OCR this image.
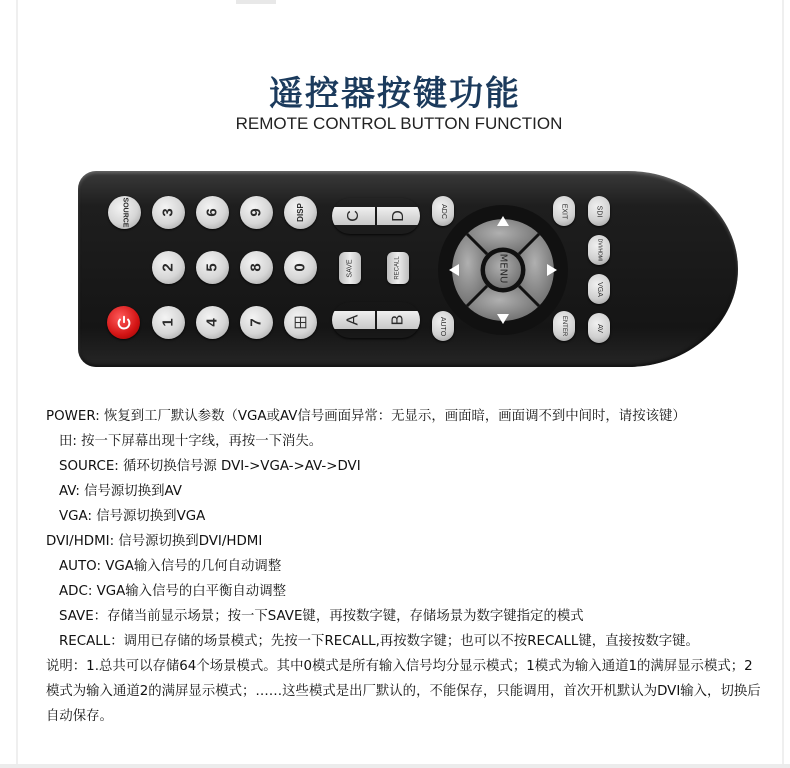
遥控器按键功能
REMOTE CONTROL BUTTON FUNCTION
SOURCE 3
2
1
6
5
4
9
8
7
DISP
0
C D
A B
SAVE	RECALL
ADC
AUTO
MENU
EXIT
ENTER
SDI
DVI/HDMI
VGA
AV
POWER: 恢复到工厂默认参数（VGA或AV信号画面异常：无显示，画面暗，画面调不到中间时，请按该键）
田: 按一下屏幕出现十字线，再按一下消失。
SOURCE: 循环切换信号源 DVI->VGA->AV->DVI
AV: 信号源切换到AV
VGA: 信号源切换到VGA
DVI/HDMI: 信号源切换到DVI/HDMI
AUTO: VGA输入信号的几何自动调整
ADC: VGA输入信号的白平衡自动调整
SAVE：存储当前显示场景；按一下SAVE键，再按数字键，存储场景为数字键指定的模式
RECALL：调用已存储的场景模式；先按一下RECALL,再按数字键；也可以不按RECALL键，直接按数字键。
说明：1.总共可以存储64个场景模式。其中0模式是所有输入信号均分显示模式；1模式为输入通道1的满屏显示模式；2模式为输入通道2的满屏显示模式；……这些模式是出厂默认的，不能保存，只能调用，首次开机默认为DVI输入，切换后自动保存。
